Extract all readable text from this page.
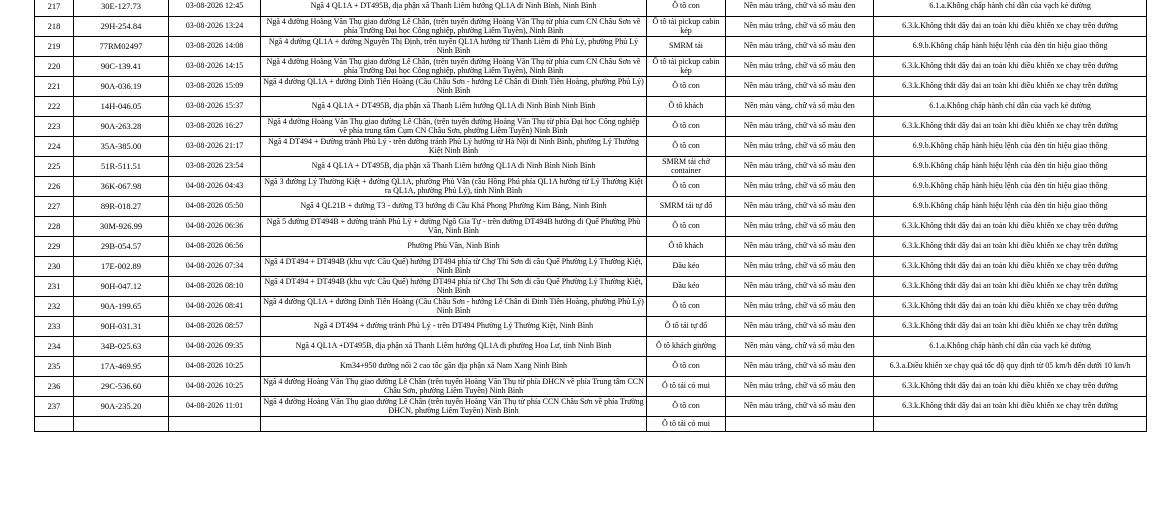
217	30E-127.73	03-08-2026 12:45	Ngã 4 QL1A + DT495B, địa phận xã Thanh Liêm hướng QL1A đi Ninh Bình, Ninh Bình	Ô tô con	Nền màu trắng, chữ và số màu đen	6.1.a.Không chấp hành chỉ dẫn của vạch kẻ đường
218	29H-254.84	03-08-2026 13:24	Ngã 4 đường Hoàng Văn Thụ giao đường Lê Chân, (trên tuyến đường Hoàng Văn Thụ từ phía cum CN Châu Sơn về phía Trường Đại học Công nghiệp, phường Liêm Tuyền), Ninh Bình	Ô tô tải pickup cabin kép	Nền màu trắng, chữ và số màu đen	6.3.k.Không thắt dây đai an toàn khi điều khiển xe chạy trên đường
219	77RM02497	03-08-2026 14:08	Ngã 4 đường QL1A + đường Nguyễn Thị Định, trên tuyến QL1A hướng từ Thanh Liêm đi Phủ Lý, phường Phủ Lý Ninh Bình	SMRM tải	Nền màu trắng, chữ và số màu đen	6.9.b.Không chấp hành hiệu lệnh của đèn tín hiệu giao thông
220	90C-139.41	03-08-2026 14:15	Ngã 4 đường Hoàng Văn Thụ giao đường Lê Chân, (trên tuyến đường Hoàng Văn Thụ từ phía cum CN Châu Sơn về phía Trường Đại học Công nghiệp, phường Liêm Tuyền), Ninh Bình	Ô tô tải pickup cabin kép	Nền màu trắng, chữ và số màu đen	6.3.k.Không thắt dây đai an toàn khi điều khiển xe chạy trên đường
221	90A-036.19	03-08-2026 15:09	Ngã 4 đường QL1A + đường Đinh Tiên Hoàng (Cầu Châu Sơn - hướng Lê Chân đi Đinh Tiên Hoàng, phường Phủ Lý) Ninh Bình	Ô tô con	Nền màu trắng, chữ và số màu đen	6.3.k.Không thắt dây đai an toàn khi điều khiển xe chạy trên đường
222	14H-046.05	03-08-2026 15:37	Ngã 4 QL1A + DT495B, địa phận xã Thanh Liêm hướng QL1A đi Ninh Bình Ninh Bình	Ô tô khách	Nền màu vàng, chữ và số màu đen	6.1.a.Không chấp hành chỉ dẫn của vạch kẻ đường
223	90A-263.28	03-08-2026 16:27	Ngã 4 đường Hoàng Văn Thụ giao đường Lê Chân, (trên tuyến đường Hoàng Văn Thụ từ phía Đại học Công nghiệp về phía trung tâm Cụm CN Châu Sơn, phường Liêm Tuyền) Ninh Bình	Ô tô con	Nền màu trắng, chữ và số màu đen	6.3.k.Không thắt dây đai an toàn khi điều khiển xe chạy trên đường
224	35A-385.00	03-08-2026 21:17	Ngã 4 DT494 + Đường tránh Phủ Lý - trên đường tránh Phủ Lý hướng từ Hà Nội đi Ninh Bình, phường Lý Thường Kiệt Ninh Bình	Ô tô con	Nền màu trắng, chữ và số màu đen	6.9.b.Không chấp hành hiệu lệnh của đèn tín hiệu giao thông
225	51R-511.51	03-08-2026 23:54	Ngã 4 QL1A + DT495B, địa phận xã Thanh Liêm hướng QL1A đi Ninh Bình Ninh Bình	SMRM tải chở container	Nền màu trắng, chữ và số màu đen	6.9.b.Không chấp hành hiệu lệnh của đèn tín hiệu giao thông
226	36K-067.98	04-08-2026 04:43	Ngã 3 đường Lý Thường Kiệt + đường QL1A, phường Phù Vân (cầu Hồng Phú phía QL1A hướng từ Lý Thường Kiệt ra QL1A, phường Phủ Lý), tỉnh Ninh Bình	Ô tô con	Nền màu trắng, chữ và số màu đen	6.9.b.Không chấp hành hiệu lệnh của đèn tín hiệu giao thông
227	89R-018.27	04-08-2026 05:50	Ngã 4 QL21B + đường T3 - đường T3 hướng đi Cầu Khả Phong Phường Kim Bảng, Ninh Bình	SMRM tải tự đổ	Nền màu trắng, chữ và số màu đen	6.9.b.Không chấp hành hiệu lệnh của đèn tín hiệu giao thông
228	30M-926.99	04-08-2026 06:36	Ngã 5 đường DT494B + đường tránh Phủ Lý + đường Ngô Gia Tự - trên đường DT494B hướng đi Quế Phường Phù Vân, Ninh Bình	Ô tô con	Nền màu trắng, chữ và số màu đen	6.3.k.Không thắt dây đai an toàn khi điều khiển xe chạy trên đường
229	29B-054.57	04-08-2026 06:56	Phường Phù Vân, Ninh Bình	Ô tô khách	Nền màu trắng, chữ và số màu đen	6.3.k.Không thắt dây đai an toàn khi điều khiển xe chạy trên đường
230	17E-002.89	04-08-2026 07:34	Ngã 4 DT494 + DT494B (khu vực Cầu Quế) hướng DT494 phía từ Chợ Thi Sơn đi cầu Quế Phường Lý Thường Kiệt, Ninh Bình	Đầu kéo	Nền màu trắng, chữ và số màu đen	6.3.k.Không thắt dây đai an toàn khi điều khiển xe chạy trên đường
231	90H-047.12	04-08-2026 08:10	Ngã 4 DT494 + DT494B (khu vực Cầu Quế) hướng DT494 phía từ Chợ Thi Sơn đi cầu Quế Phường Lý Thường Kiệt, Ninh Bình	Đầu kéo	Nền màu trắng, chữ và số màu đen	6.3.k.Không thắt dây đai an toàn khi điều khiển xe chạy trên đường
232	90A-199.65	04-08-2026 08:41	Ngã 4 đường QL1A + đường Đinh Tiên Hoàng (Cầu Châu Sơn - hướng Lê Chân đi Đinh Tiên Hoàng, phường Phủ Lý) Ninh Bình	Ô tô con	Nền màu trắng, chữ và số màu đen	6.3.k.Không thắt dây đai an toàn khi điều khiển xe chạy trên đường
233	90H-031.31	04-08-2026 08:57	Ngã 4 DT494 + đường tránh Phủ Lý - trên DT494 Phường Lý Thường Kiệt, Ninh Bình	Ô tô tải tự đổ	Nền màu trắng, chữ và số màu đen	6.3.k.Không thắt dây đai an toàn khi điều khiển xe chạy trên đường
234	34B-025.63	04-08-2026 09:35	Ngã 4 QL1A +DT495B, địa phận xã Thanh Liêm hướng QL1A đi phường Hoa Lư, tỉnh Ninh Bình	Ô tô khách giường	Nền màu vàng, chữ và số màu đen	6.1.a.Không chấp hành chỉ dẫn của vạch kẻ đường
235	17A-469.95	04-08-2026 10:25	Km34+950 đường nối 2 cao tốc gần địa phận xã Nam Xang Ninh Bình	Ô tô con	Nền màu trắng, chữ và số màu đen	6.3.a.Điều khiển xe chạy quá tốc độ quy định từ 05 km/h đến dưới 10 km/h
236	29C-536.60	04-08-2026 10:25	Ngã 4 đường Hoàng Văn Thụ giao đường Lê Chân (trên tuyến Hoàng Văn Thụ từ phía ĐHCN về phía Trung tâm CCN Châu Sơn, phường Liêm Tuyền) Ninh Bình	Ô tô tải có mui	Nền màu trắng, chữ và số màu đen	6.3.k.Không thắt dây đai an toàn khi điều khiển xe chạy trên đường
237	90A-235.20	04-08-2026 11:01	Ngã 4 đường Hoàng Văn Thụ giao đường Lê Chân (trên tuyến Hoàng Văn Thụ từ phía CCN Châu Sơn về phía Trường ĐHCN, phường Liêm Tuyền) Ninh Bình	Ô tô con	Nền màu trắng, chữ và số màu đen	6.3.k.Không thắt dây đai an toàn khi điều khiển xe chạy trên đường
				Ô tô tải có mui		
